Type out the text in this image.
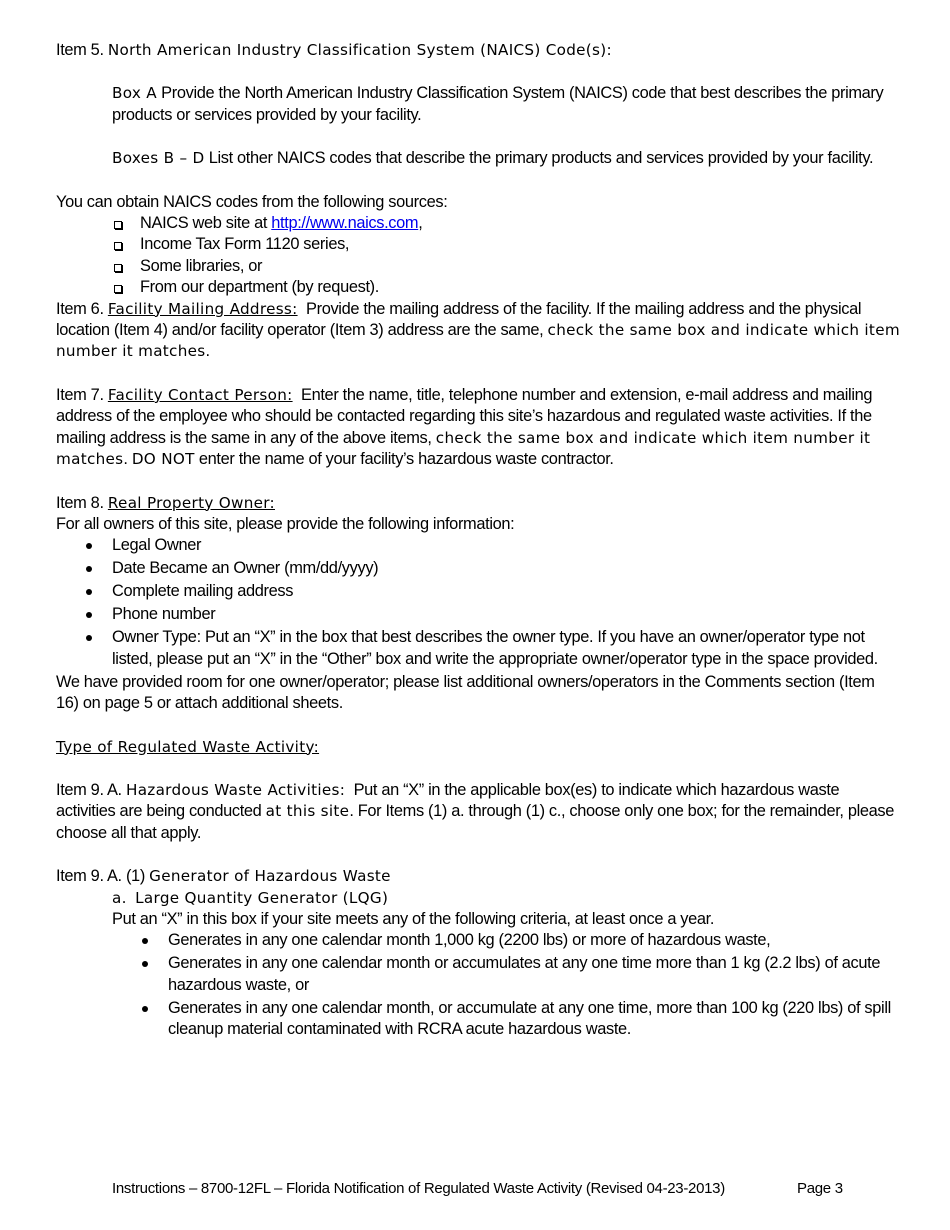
Item 5. North American Industry Classification System (NAICS) Code(s):

Box A Provide the North American Industry Classification System (NAICS) code that best describes the primary products or services provided by your facility.

Boxes B – D List other NAICS codes that describe the primary products and services provided by your facility.

You can obtain NAICS codes from the following sources:

NAICS web site at http://www.naics.com,
Income Tax Form 1120 series,
Some libraries, or
From our department (by request).

Item 6. Facility Mailing Address: Provide the mailing address of the facility. If the mailing address and the physical location (Item 4) and/or facility operator (Item 3) address are the same, check the same box and indicate which item number it matches.

Item 7. Facility Contact Person: Enter the name, title, telephone number and extension, e-mail address and mailing address of the employee who should be contacted regarding this site’s hazardous and regulated waste activities. If the mailing address is the same in any of the above items, check the same box and indicate which item number it matches. DO NOT enter the name of your facility’s hazardous waste contractor.

Item 8. Real Property Owner:

For all owners of this site, please provide the following information:

Legal Owner
Date Became an Owner (mm/dd/yyyy)
Complete mailing address
Phone number
Owner Type: Put an “X” in the box that best describes the owner type. If you have an owner/operator type not listed, please put an “X” in the “Other” box and write the appropriate owner/operator type in the space provided.

We have provided room for one owner/operator; please list additional owners/operators in the Comments section (Item 16) on page 5 or attach additional sheets.

Type of Regulated Waste Activity:

Item 9. A. Hazardous Waste Activities: Put an “X” in the applicable box(es) to indicate which hazardous waste activities are being conducted at this site. For Items (1) a. through (1) c., choose only one box; for the remainder, please choose all that apply.

Item 9. A. (1) Generator of Hazardous Waste

a. Large Quantity Generator (LQG)

Put an “X” in this box if your site meets any of the following criteria, at least once a year.

Generates in any one calendar month 1,000 kg (2200 lbs) or more of hazardous waste,
Generates in any one calendar month or accumulates at any one time more than 1 kg (2.2 lbs) of acute hazardous waste, or
Generates in any one calendar month, or accumulate at any one time, more than 100 kg (220 lbs) of spill cleanup material contaminated with RCRA acute hazardous waste.
Instructions – 8700-12FL – Florida Notification of Regulated Waste Activity (Revised 04-23-2013)	Page 3
